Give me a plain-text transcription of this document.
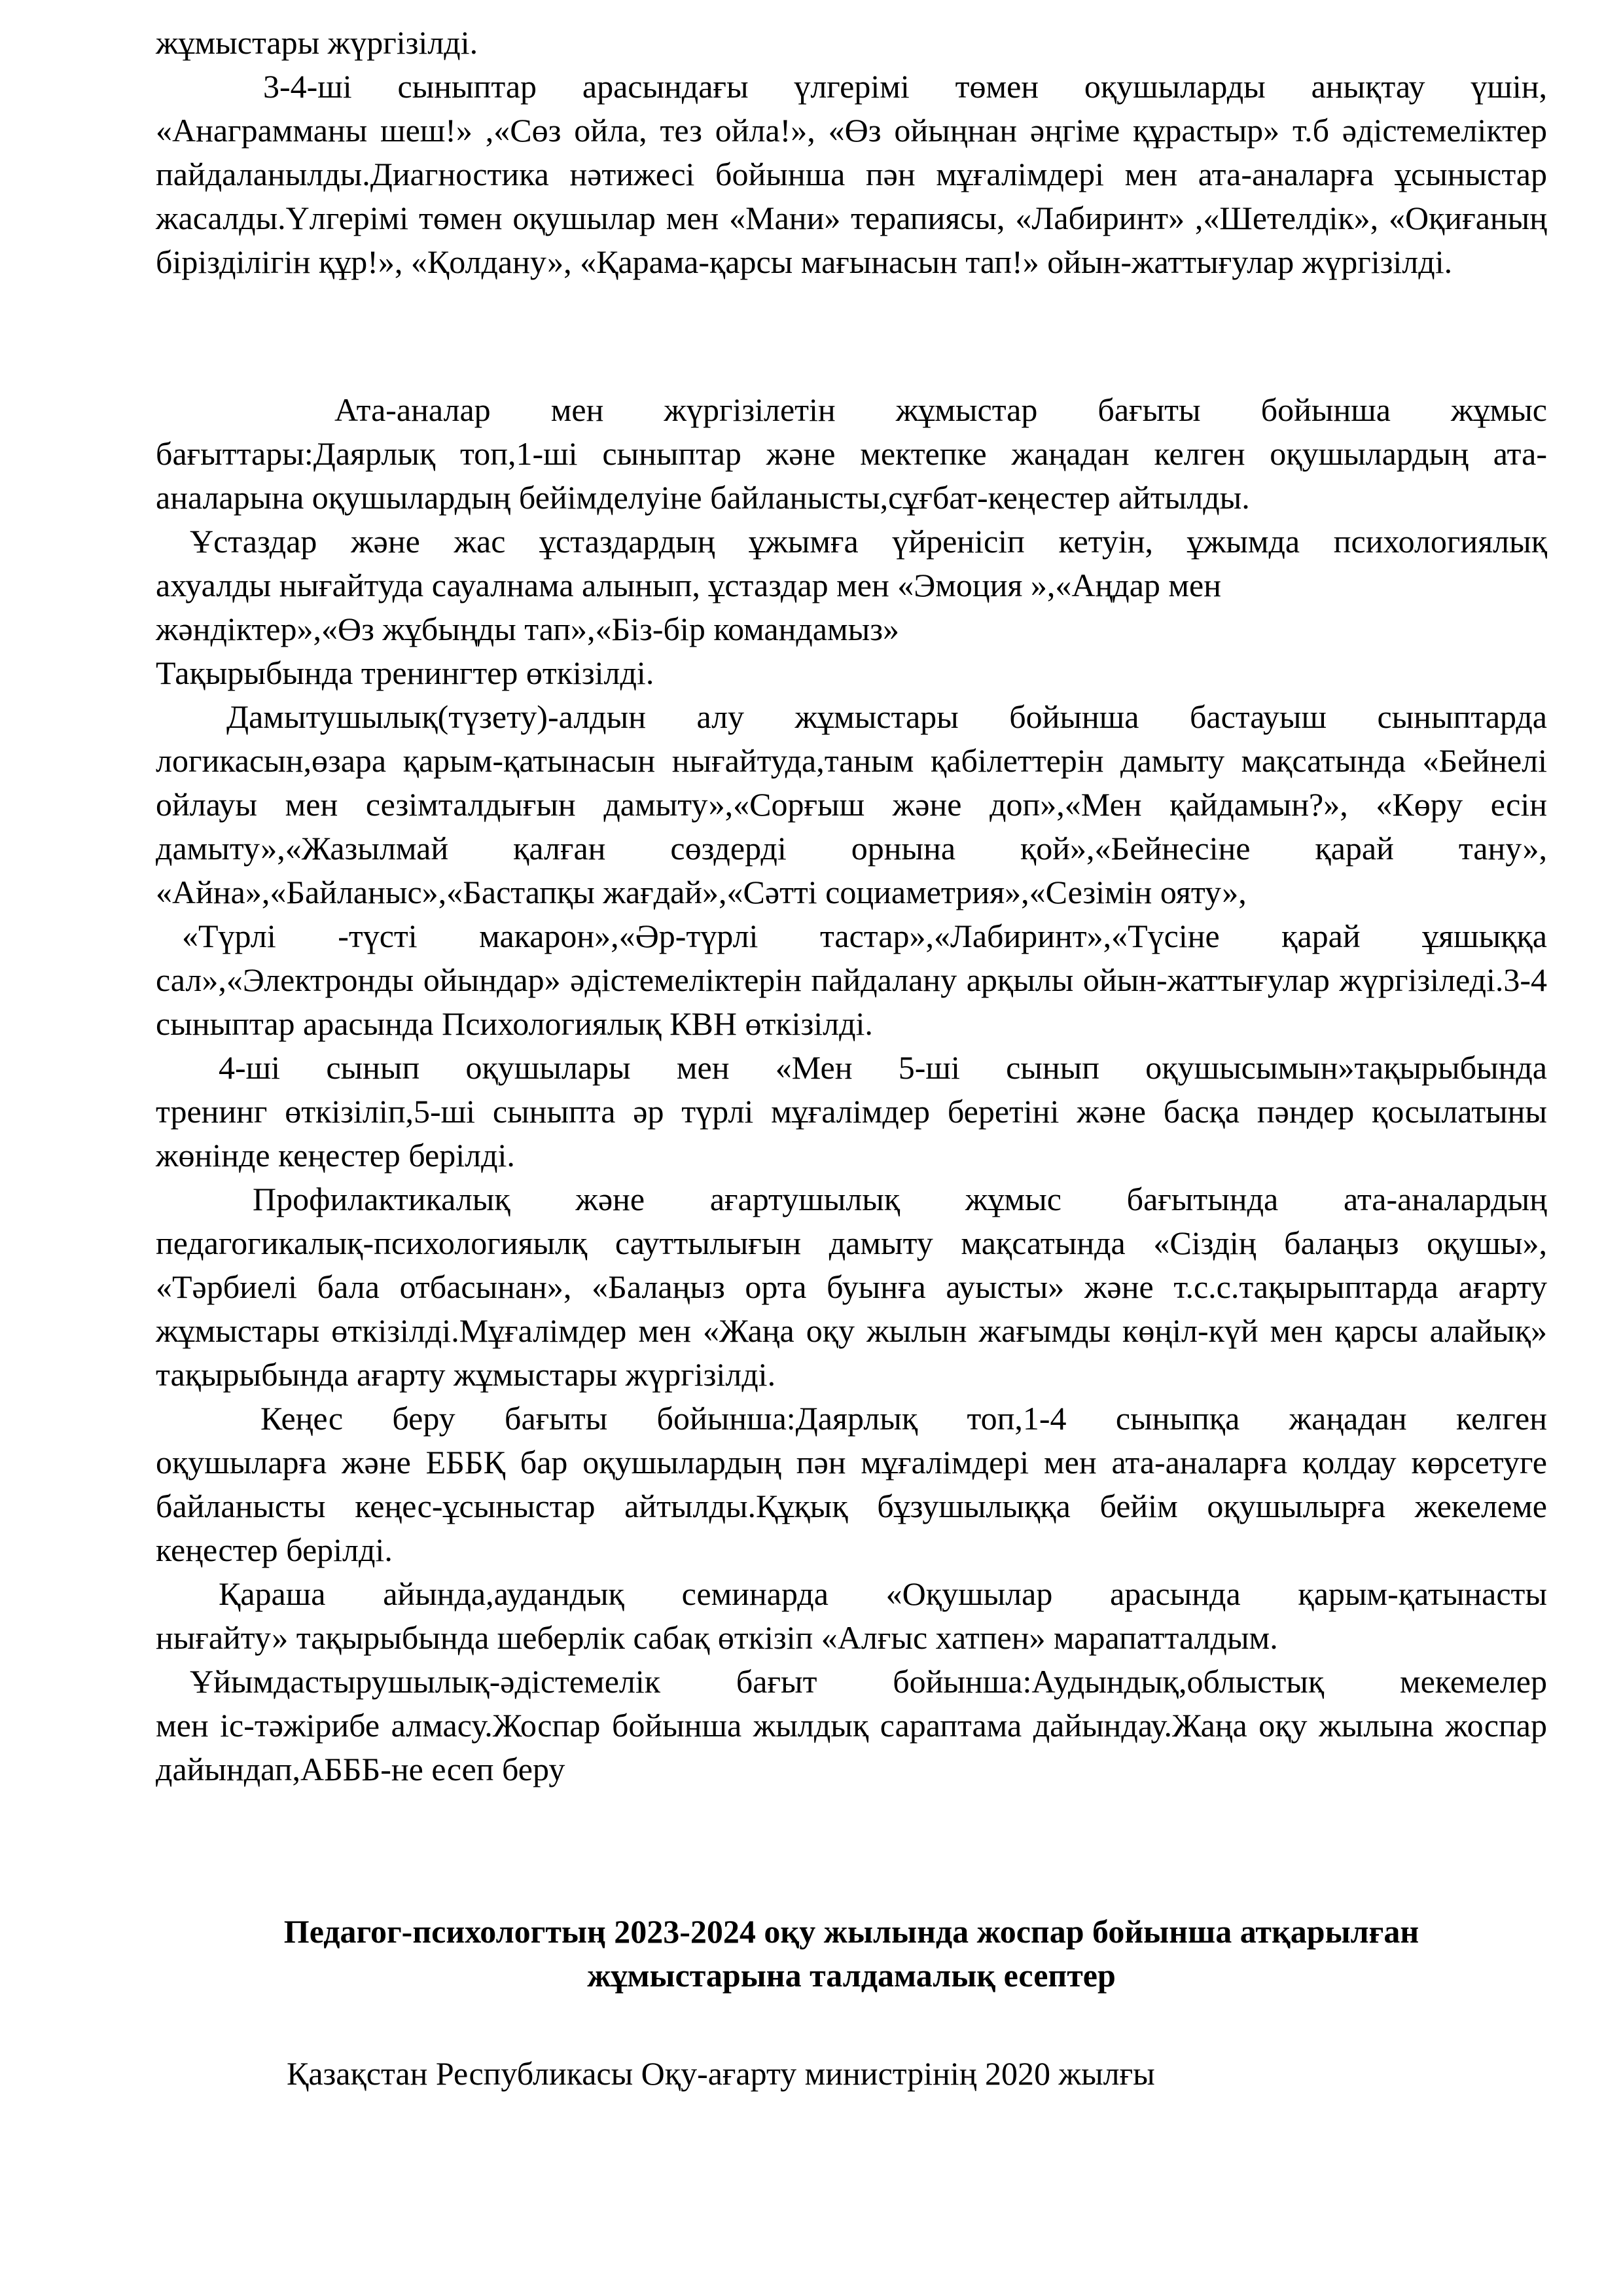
жұмыстары жүргізілді.

3-4-ші сыныптар арасындағы үлгерімі төмен оқушыларды анықтау үшін,

«Анаграмманы шеш!» ,«Сөз ойла, тез ойла!», «Өз ойыңнан әңгіме құрастыр» т.б әдістемеліктер пайдаланылды.Диагностика нәтижесі бойынша пән мұғалімдері мен ата-аналарға ұсыныстар жасалды.Үлгерімі төмен оқушылар мен «Мани» терапиясы, «Лабиринт» ,«Шетелдік», «Оқиғаның бірізділігін құр!», «Қолдану», «Қарама-қарсы мағынасын тап!» ойын-жаттығулар жүргізілді.

Ата-аналар мен жүргізілетін жұмыстар бағыты бойынша жұмыс

бағыттары:Даярлық топ,1-ші сыныптар және мектепке жаңадан келген оқушылардың ата-аналарына оқушылардың бейімделуіне байланысты,сұғбат-кеңестер айтылды.

Ұстаздар және жас ұстаздардың ұжымға үйренісіп кетуін, ұжымда психологиялық

ахуалды нығайтуда сауалнама алынып, ұстаздар мен «Эмоция »,«Аңдар мен

жәндіктер»,«Өз жұбыңды тап»,«Біз-бір командамыз»

Тақырыбында тренингтер өткізілді.

Дамытушылық(түзету)-алдын алу жұмыстары бойынша бастауыш сыныптарда

логикасын,өзара қарым-қатынасын нығайтуда,таным қабілеттерін дамыту мақсатында «Бейнелі ойлауы мен сезімталдығын дамыту»,«Сорғыш және доп»,«Мен қайдамын?», «Көру есін дамыту»,«Жазылмай қалған сөздерді орнына қой»,«Бейнесіне қарай тану», «Айна»,«Байланыс»,«Бастапқы жағдай»,«Сәтті социаметрия»,«Сезімін ояту»,

«Түрлі -түсті макарон»,«Әр-түрлі тастар»,«Лабиринт»,«Түсіне қарай ұяшыққа

сал»,«Электронды ойындар» әдістемеліктерін пайдалану арқылы ойын-жаттығулар жүргізіледі.3-4 сыныптар арасында Психологиялық КВН өткізілді.

4-ші сынып оқушылары мен «Мен 5-ші сынып оқушысымын»тақырыбында

тренинг өткізіліп,5-ші сыныпта әр түрлі мұғалімдер беретіні және басқа пәндер қосылатыны жөнінде кеңестер берілді.

Профилактикалық және ағартушылық жұмыс бағытында ата-аналардың

педагогикалық-психологияылқ сауттылығын дамыту мақсатында «Сіздің балаңыз оқушы», «Тәрбиелі бала отбасынан», «Балаңыз орта буынға ауысты» және т.с.с.тақырыптарда ағарту жұмыстары өткізілді.Мұғалімдер мен «Жаңа оқу жылын жағымды көңіл-күй мен қарсы алайық» тақырыбында ағарту жұмыстары жүргізілді.

Кеңес беру бағыты бойынша:Даярлық топ,1-4 сыныпқа жаңадан келген

оқушыларға және ЕББҚ бар оқушылардың пән мұғалімдері мен ата-аналарға қолдау көрсетуге байланысты кеңес-ұсыныстар айтылды.Құқық бұзушылыққа бейім оқушылырға жекелеме кеңестер берілді.

Қараша айында,аудандық семинарда «Оқушылар арасында қарым-қатынасты

нығайту» тақырыбында шеберлік сабақ өткізіп «Алғыс хатпен» марапатталдым.

Ұйымдастырушылық-әдістемелік бағыт бойынша:Аудындық,облыстық мекемелер

мен іс-тәжірибе алмасу.Жоспар бойынша жылдық сараптама дайындау.Жаңа оқу жылына жоспар дайындап,АБББ-не есеп беру

Педагог-психологтың 2023-2024 оқу жылында жоспар бойынша атқарылған
жұмыстарына талдамалық есептер
Қазақстан Республикасы Оқу-ағарту министрінің 2020 жылғы
